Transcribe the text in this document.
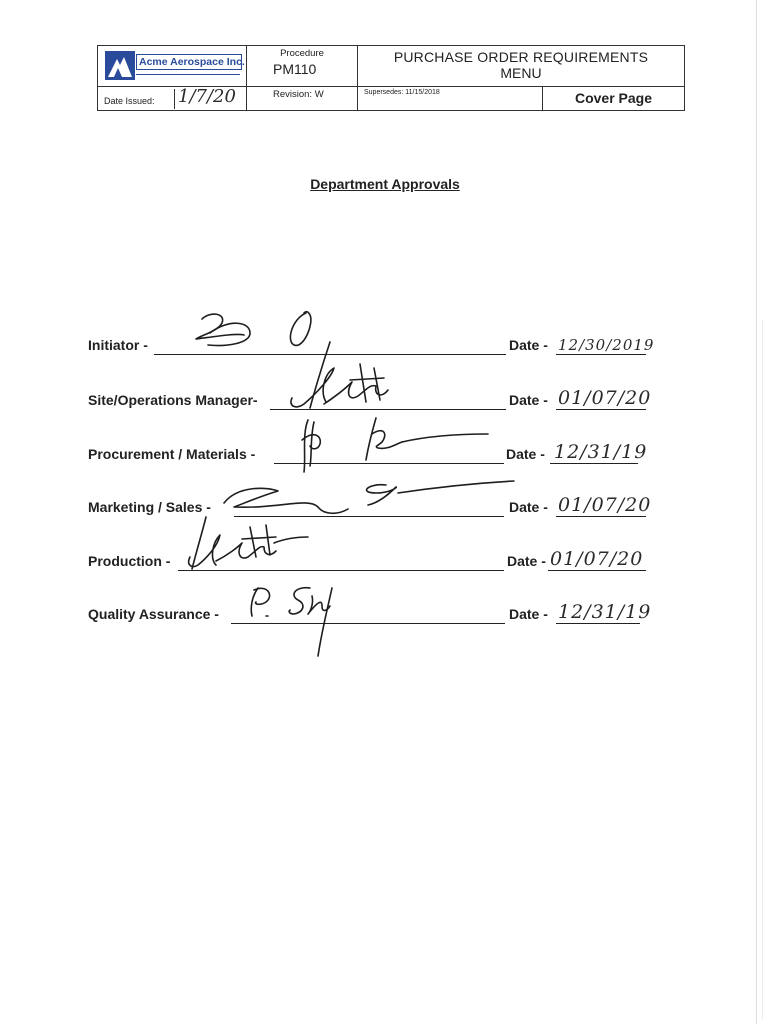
Acme Aerospace Inc.
Procedure
PM110
PURCHASE ORDER REQUIREMENTS
MENU
Date Issued: 1/7/20	Revision: W	Supersedes: 11/15/2018	Cover Page
Department Approvals
Initiator -	Date - 12/30/2019
Site/Operations Manager-	Date - 01/07/20
Procurement / Materials -	Date - 12/31/19
Marketing / Sales -	Date - 01/07/20
Production -	Date - 01/07/20
Quality Assurance -	Date - 12/31/19
